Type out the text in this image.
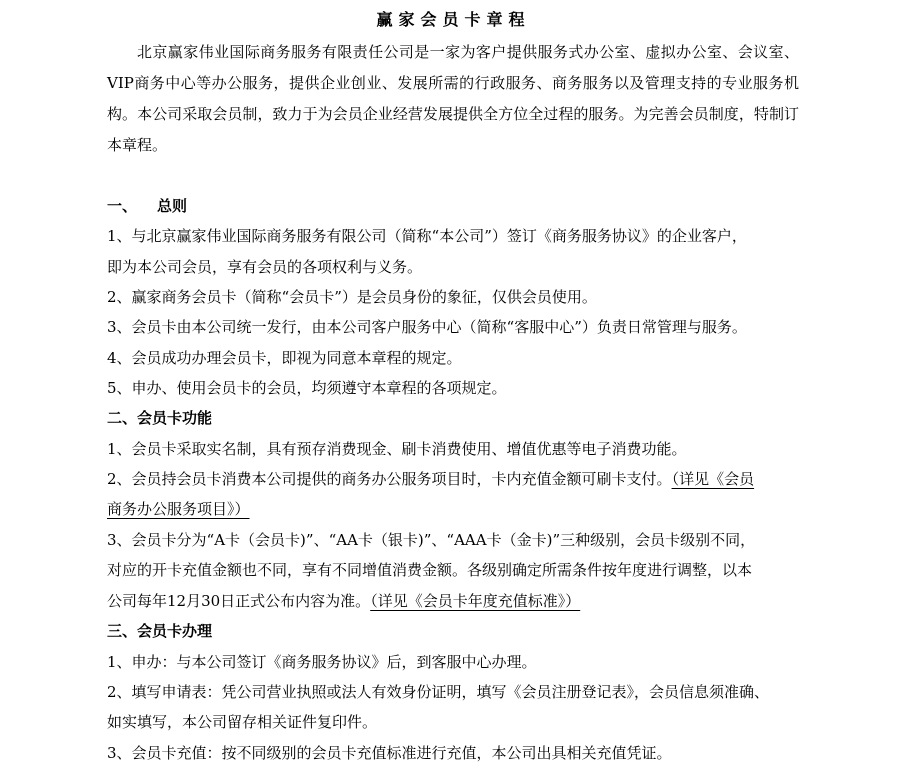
赢家会员卡章程
北京赢家伟业国际商务服务有限责任公司是一家为客户提供服务式办公室、虚拟办公室、会议室、VIP商务中心等办公服务，提供企业创业、发展所需的行政服务、商务服务以及管理支持的专业服务机构。本公司采取会员制，致力于为会员企业经营发展提供全方位全过程的服务。为完善会员制度，特制订本章程。
一、 总则
1、与北京赢家伟业国际商务服务有限公司（简称“本公司”）签订《商务服务协议》的企业客户，
即为本公司会员，享有会员的各项权利与义务。
2、赢家商务会员卡（简称“会员卡”）是会员身份的象征，仅供会员使用。
3、会员卡由本公司统一发行，由本公司客户服务中心（简称“客服中心”）负责日常管理与服务。
4、会员成功办理会员卡，即视为同意本章程的规定。
5、申办、使用会员卡的会员，均须遵守本章程的各项规定。
二、会员卡功能
1、会员卡采取实名制，具有预存消费现金、刷卡消费使用、增值优惠等电子消费功能。
2、会员持会员卡消费本公司提供的商务办公服务项目时，卡内充值金额可刷卡支付。（详见《会员
商务办公服务项目》）
3、会员卡分为“A卡（会员卡)”、“AA卡（银卡)”、“AAA卡（金卡)”三种级别，会员卡级别不同，
对应的开卡充值金额也不同，享有不同增值消费金额。各级别确定所需条件按年度进行调整，以本
公司每年12月30日正式公布内容为准。（详见《会员卡年度充值标准》）
三、会员卡办理
1、申办：与本公司签订《商务服务协议》后，到客服中心办理。
2、填写申请表：凭公司营业执照或法人有效身份证明，填写《会员注册登记表》，会员信息须准确、
如实填写，本公司留存相关证件复印件。
3、会员卡充值：按不同级别的会员卡充值标准进行充值，本公司出具相关充值凭证。
